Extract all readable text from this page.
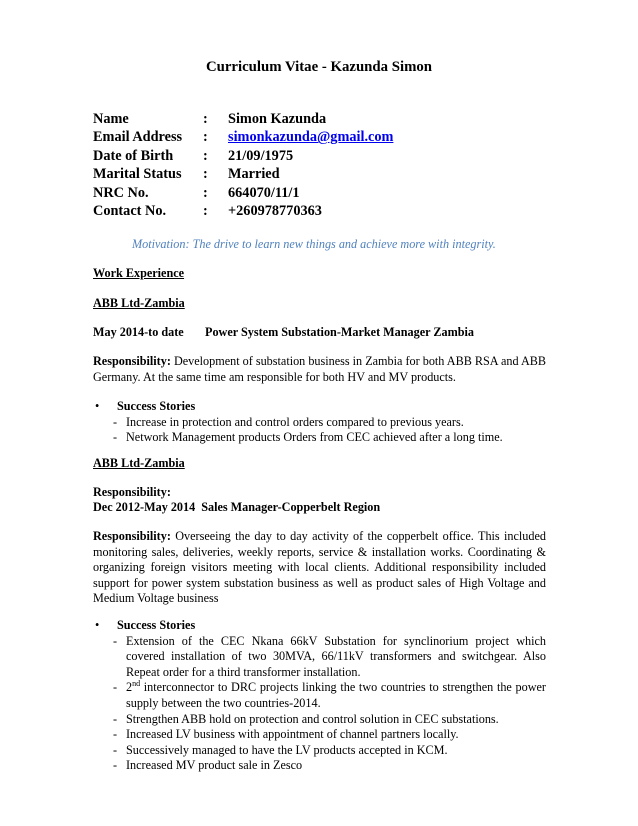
Curriculum Vitae - Kazunda Simon
Name	:	Simon Kazunda
Email Address	:	simonkazunda@gmail.com
Date of Birth	:	21/09/1975
Marital Status	:	Married
NRC No.	:	664070/11/1
Contact No.	:	+260978770363
Motivation: The drive to learn new things and achieve more with integrity.
Work Experience
ABB Ltd-Zambia
May 2014-to date	Power System Substation-Market Manager Zambia
Responsibility: Development of substation business in Zambia for both ABB RSA and ABB Germany. At the same time am responsible for both HV and MV products.
•	Success Stories
- Increase in protection and control orders compared to previous years.
- Network Management products Orders from CEC achieved after a long time.
ABB Ltd-Zambia
Responsibility:
Dec 2012-May 2014 Sales Manager-Copperbelt Region
Responsibility: Overseeing the day to day activity of the copperbelt office. This included monitoring sales, deliveries, weekly reports, service & installation works. Coordinating & organizing foreign visitors meeting with local clients. Additional responsibility included support for power system substation business as well as product sales of High Voltage and Medium Voltage business
•	Success Stories
- Extension of the CEC Nkana 66kV Substation for synclinorium project which covered installation of two 30MVA, 66/11kV transformers and switchgear. Also Repeat order for a third transformer installation.
- 2nd interconnector to DRC projects linking the two countries to strengthen the power supply between the two countries-2014.
- Strengthen ABB hold on protection and control solution in CEC substations.
- Increased LV business with appointment of channel partners locally.
- Successively managed to have the LV products accepted in KCM.
- Increased MV product sale in Zesco
